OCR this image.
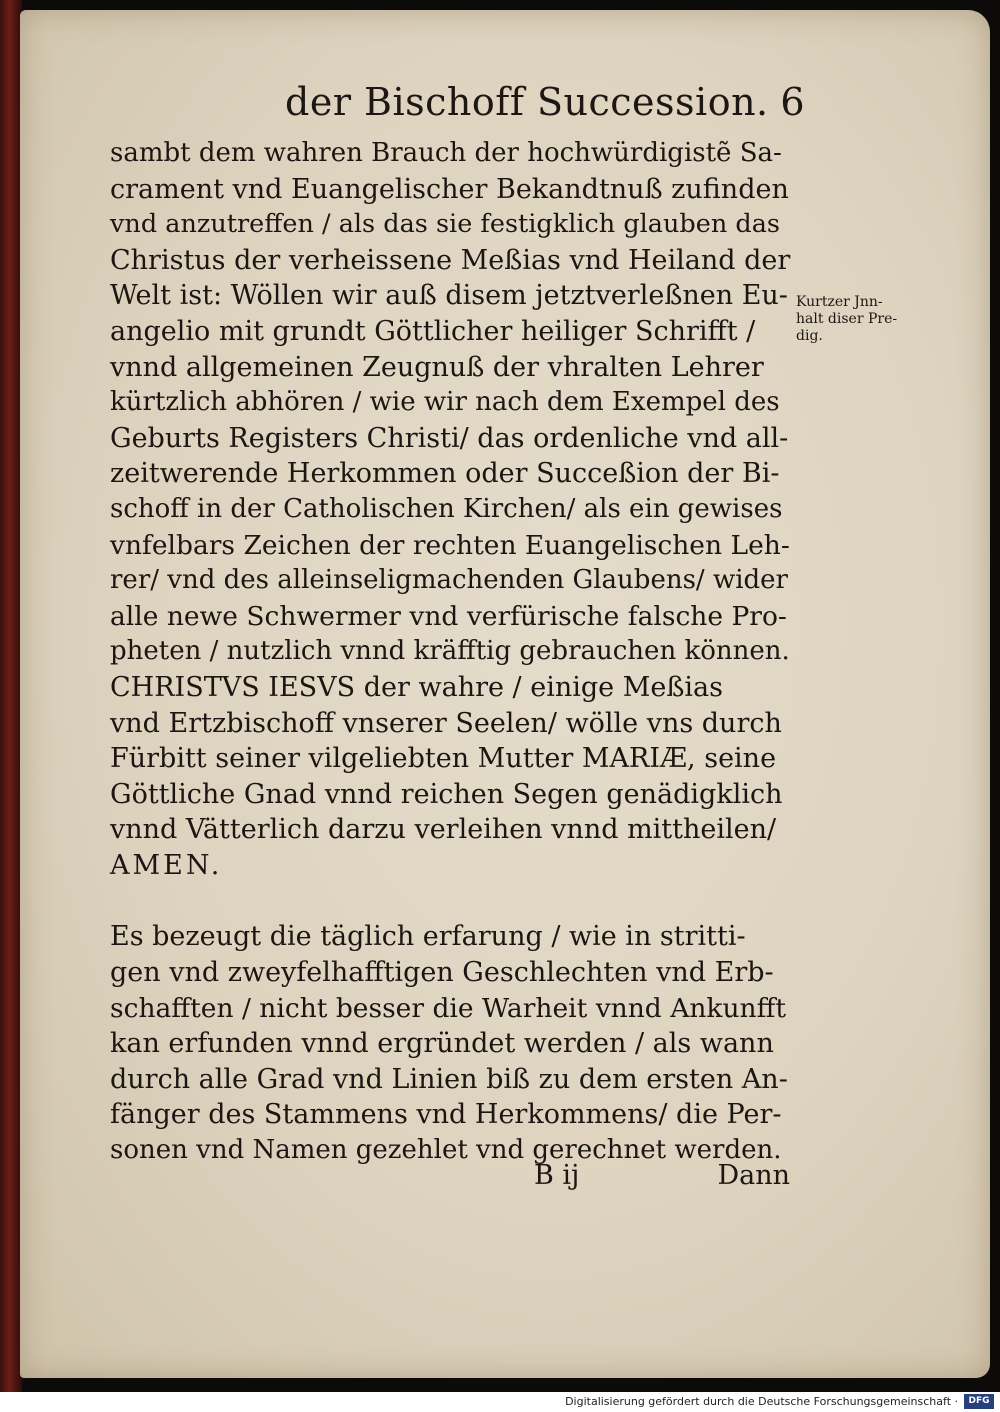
der Bischoff Succession. 6
sambt dem wahren Brauch der hochwürdigistẽ Sa-
crament vnd Euangelischer Bekandtnuß zufinden
vnd anzutreffen / als das sie festigklich glauben das
Christus der verheissene Meßias vnd Heiland der
Welt ist: Wöllen wir auß disem jetztverleßnen Eu-
angelio mit grundt Göttlicher heiliger Schrifft /
vnnd allgemeinen Zeugnuß der vhralten Lehrer
kürtzlich abhören / wie wir nach dem Exempel des
Geburts Registers Christi/ das ordenliche vnd all-
zeitwerende Herkommen oder Succeßion der Bi-
schoff in der Catholischen Kirchen/ als ein gewises
vnfelbars Zeichen der rechten Euangelischen Leh-
rer/ vnd des alleinseligmachenden Glaubens/ wider
alle newe Schwermer vnd verfürische falsche Pro-
pheten / nutzlich vnnd kräfftig gebrauchen können.
CHRISTVS IESVS der wahre / einige Meßias
vnd Ertzbischoff vnserer Seelen/ wölle vns durch
Fürbitt seiner vilgeliebten Mutter MARIÆ, seine
Göttliche Gnad vnnd reichen Segen genädigklich
vnnd Vätterlich darzu verleihen vnnd mittheilen/
AMEN.
Es bezeugt die täglich erfarung / wie in stritti-
gen vnd zweyfelhafftigen Geschlechten vnd Erb-
schafften / nicht besser die Warheit vnnd Ankunfft
kan erfunden vnnd ergründet werden / als wann
durch alle Grad vnd Linien biß zu dem ersten An-
fänger des Stammens vnd Herkommens/ die Per-
sonen vnd Namen gezehlet vnd gerechnet werden.
Kurtzer Jnn-
halt diser Pre-
dig.
B ij	Dann
Digitalisierung gefördert durch die Deutsche Forschungsgemeinschaft ·	DFG
